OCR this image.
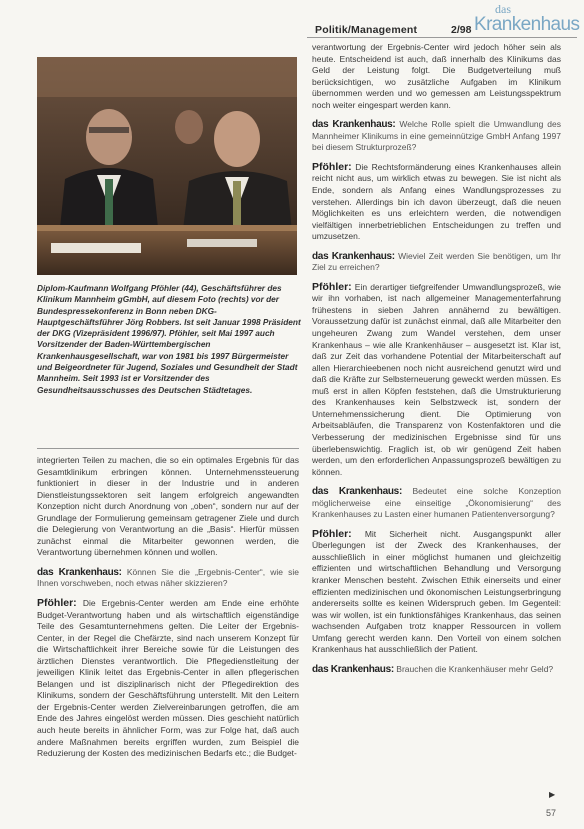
Politik/Management	2/98
das
Krankenhaus
Diplom-Kaufmann Wolfgang Pföhler (44), Geschäftsführer des Klinikum Mannheim gGmbH, auf diesem Foto (rechts) vor der Bundespressekonferenz in Bonn neben DKG-Hauptgeschäftsführer Jörg Robbers. Ist seit Januar 1998 Präsident der DKG (Vizepräsident 1996/97). Pföhler, seit Mai 1997 auch Vorsitzender der Baden-Württembergischen Krankenhausgesellschaft, war von 1981 bis 1997 Bürgermeister und Beigeordneter für Jugend, Soziales und Gesundheit der Stadt Mannheim. Seit 1993 ist er Vorsitzender des Gesundheitsausschusses des Deutschen Städtetages.

integrierten Teilen zu machen, die so ein optimales Ergebnis für das Gesamtklinikum erbringen können. Unternehmenssteuerung funktioniert in dieser in der Industrie und in anderen Dienstleistungssektoren seit langem erfolgreich angewandten Konzeption nicht durch Anordnung von „oben“, sondern nur auf der Grundlage der Formulierung gemeinsam getragener Ziele und durch die Delegierung von Verantwortung an die „Basis“. Hierfür müssen zunächst einmal die Mitarbeiter gewonnen werden, die Verantwortung übernehmen können und wollen.

das Krankenhaus: Können Sie die „Ergebnis-Center“, wie sie Ihnen vorschweben, noch etwas näher skizzieren?

Pföhler: Die Ergebnis-Center werden am Ende eine erhöhte Budget-Verantwortung haben und als wirtschaftlich eigenständige Teile des Gesamtunternehmens gelten. Die Leiter der Ergebnis-Center, in der Regel die Chefärzte, sind nach unserem Konzept für die Wirtschaftlichkeit ihrer Bereiche sowie für die Leistungen des ärztlichen Dienstes verantwortlich. Die Pflegedienstleitung der jeweiligen Klinik leitet das Ergebnis-Center in allen pflegerischen Belangen und ist disziplinarisch nicht der Pflegedirektion des Klinikums, sondern der Geschäftsführung unterstellt. Mit den Leitern der Ergebnis-Center werden Zielvereinbarungen getroffen, die am Ende des Jahres eingelöst werden müssen. Dies geschieht natürlich auch heute bereits in ähnlicher Form, was zur Folge hat, daß auch andere Maßnahmen bereits ergriffen wurden, zum Beispiel die Reduzierung der Kosten des medizinischen Bedarfs etc.; die Budget-

verantwortung der Ergebnis-Center wird jedoch höher sein als heute. Entscheidend ist auch, daß innerhalb des Klinikums das Geld der Leistung folgt. Die Budgetverteilung muß berücksichtigen, wo zusätzliche Aufgaben im Klinikum übernommen werden und wo gemessen am Leistungsspektrum noch weiter eingespart werden kann.

das Krankenhaus: Welche Rolle spielt die Umwandlung des Mannheimer Klinikums in eine gemeinnützige GmbH Anfang 1997 bei diesem Strukturprozeß?

Pföhler: Die Rechtsformänderung eines Krankenhauses allein reicht nicht aus, um wirklich etwas zu bewegen. Sie ist nicht als Ende, sondern als Anfang eines Wandlungsprozesses zu verstehen. Allerdings bin ich davon überzeugt, daß die neuen Möglichkeiten es uns erleichtern werden, die notwendigen vielfältigen innerbetrieblichen Entscheidungen zu treffen und umzusetzen.

das Krankenhaus: Wieviel Zeit werden Sie benötigen, um Ihr Ziel zu erreichen?

Pföhler: Ein derartiger tiefgreifender Umwandlungsprozeß, wie wir ihn vorhaben, ist nach allgemeiner Managementerfahrung frühestens in sieben Jahren annähernd zu bewältigen. Voraussetzung dafür ist zunächst einmal, daß alle Mitarbeiter den ungeheuren Zwang zum Wandel verstehen, dem unser Krankenhaus – wie alle Krankenhäuser – ausgesetzt ist. Klar ist, daß zur Zeit das vorhandene Potential der Mitarbeiterschaft auf allen Hierarchieebenen noch nicht ausreichend genutzt wird und daß die Kräfte zur Selbsterneuerung geweckt werden müssen. Es muß erst in allen Köpfen feststehen, daß die Umstrukturierung des Krankenhauses kein Selbstzweck ist, sondern der Unternehmenssicherung dient. Die Optimierung von Arbeitsabläufen, die Transparenz von Kostenfaktoren und die Verbesserung der medizinischen Ergebnisse sind für uns überlebenswichtig. Fraglich ist, ob wir genügend Zeit haben werden, um den erforderlichen Anpassungsprozeß bewältigen zu können.

das Krankenhaus: Bedeutet eine solche Konzeption möglicherweise eine einseitige „Ökonomisierung“ des Krankenhauses zu Lasten einer humanen Patientenversorgung?

Pföhler: Mit Sicherheit nicht. Ausgangspunkt aller Überlegungen ist der Zweck des Krankenhauses, der ausschließlich in einer möglichst humanen und gleichzeitig effizienten und wirtschaftlichen Behandlung und Versorgung kranker Menschen besteht. Zwischen Ethik einerseits und einer effizienten medizinischen und ökonomischen Leistungserbringung andererseits sollte es keinen Widerspruch geben. Im Gegenteil: was wir wollen, ist ein funktionsfähiges Krankenhaus, das seinen wachsenden Aufgaben trotz knapper Ressourcen in vollem Umfang gerecht werden kann. Den Vorteil von einem solchen Krankenhaus hat ausschließlich der Patient.

das Krankenhaus: Brauchen die Krankenhäuser mehr Geld?

▶
57
